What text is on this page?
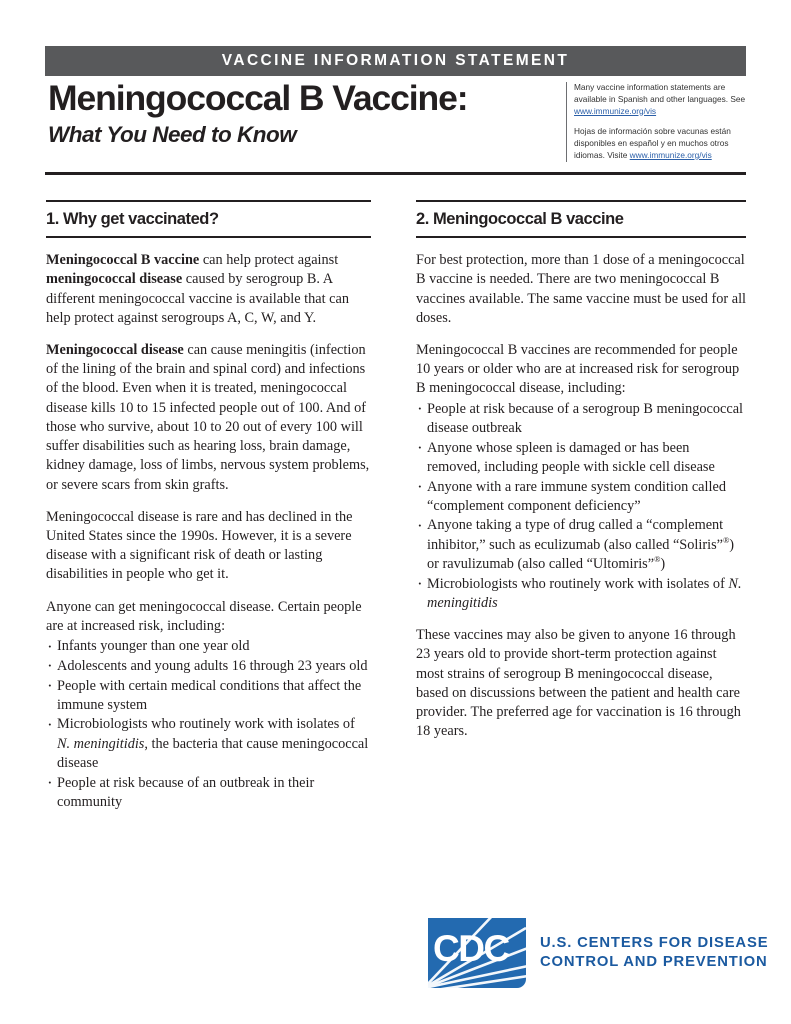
VACCINE INFORMATION STATEMENT
Meningococcal B Vaccine:
What You Need to Know

Many vaccine information statements are available in Spanish and other languages. See www.immunize.org/vis

Hojas de información sobre vacunas están disponibles en español y en muchos otros idiomas. Visite www.immunize.org/vis

1. Why get vaccinated?

Meningococcal B vaccine can help protect against meningococcal disease caused by serogroup B. A different meningococcal vaccine is available that can help protect against serogroups A, C, W, and Y.

Meningococcal disease can cause meningitis (infection of the lining of the brain and spinal cord) and infections of the blood. Even when it is treated, meningococcal disease kills 10 to 15 infected people out of 100. And of those who survive, about 10 to 20 out of every 100 will suffer disabilities such as hearing loss, brain damage, kidney damage, loss of limbs, nervous system problems, or severe scars from skin grafts.

Meningococcal disease is rare and has declined in the United States since the 1990s. However, it is a severe disease with a significant risk of death or lasting disabilities in people who get it.

Anyone can get meningococcal disease. Certain people are at increased risk, including:

· Infants younger than one year old
· Adolescents and young adults 16 through 23 years old
· People with certain medical conditions that affect the immune system
· Microbiologists who routinely work with isolates of N. meningitidis, the bacteria that cause meningococcal disease
· People at risk because of an outbreak in their community
2. Meningococcal B vaccine

For best protection, more than 1 dose of a meningococcal B vaccine is needed. There are two meningococcal B vaccines available. The same vaccine must be used for all doses.

Meningococcal B vaccines are recommended for people 10 years or older who are at increased risk for serogroup B meningococcal disease, including:

· People at risk because of a serogroup B meningococcal disease outbreak
· Anyone whose spleen is damaged or has been removed, including people with sickle cell disease
· Anyone with a rare immune system condition called “complement component deficiency”
· Anyone taking a type of drug called a “complement inhibitor,” such as eculizumab (also called “Soliris”®) or ravulizumab (also called “Ultomiris”®)
· Microbiologists who routinely work with isolates of N. meningitidis

These vaccines may also be given to anyone 16 through 23 years old to provide short-term protection against most strains of serogroup B meningococcal disease, based on discussions between the patient and health care provider. The preferred age for vaccination is 16 through 18 years.

CDC U.S. CENTERS FOR DISEASE
CONTROL AND PREVENTION
